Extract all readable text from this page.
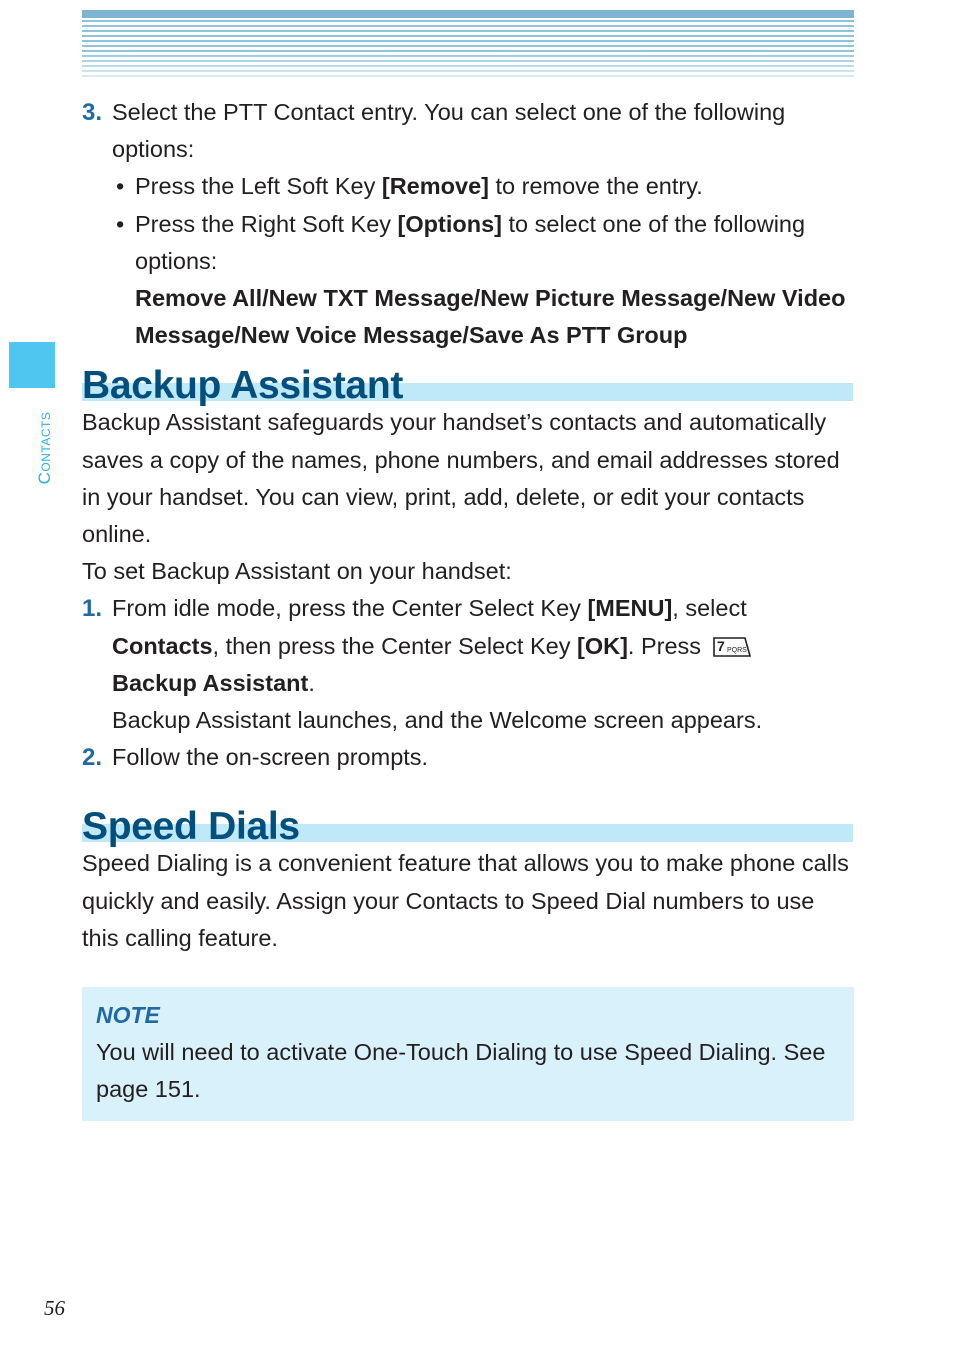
Contacts
3. Select the PTT Contact entry. You can select one of the following options:
• Press the Left Soft Key [Remove] to remove the entry.
• Press the Right Soft Key [Options] to select one of the following options:
Remove All/New TXT Message/New Picture Message/New Video Message/New Voice Message/Save As PTT Group
Backup Assistant

Backup Assistant safeguards your handset’s contacts and automatically saves a copy of the names, phone numbers, and email addresses stored in your handset. You can view, print, add, delete, or edit your contacts online.

To set Backup Assistant on your handset:

1. From idle mode, press the Center Select Key [MENU], select Contacts, then press the Center Select Key [OK]. Press 7 PQRS

Backup Assistant.

Backup Assistant launches, and the Welcome screen appears.

2. Follow the on-screen prompts.
Speed Dials

Speed Dialing is a convenient feature that allows you to make phone calls quickly and easily. Assign your Contacts to Speed Dial numbers to use this calling feature.

NOTE
You will need to activate One-Touch Dialing to use Speed Dialing. See page 151.
56
